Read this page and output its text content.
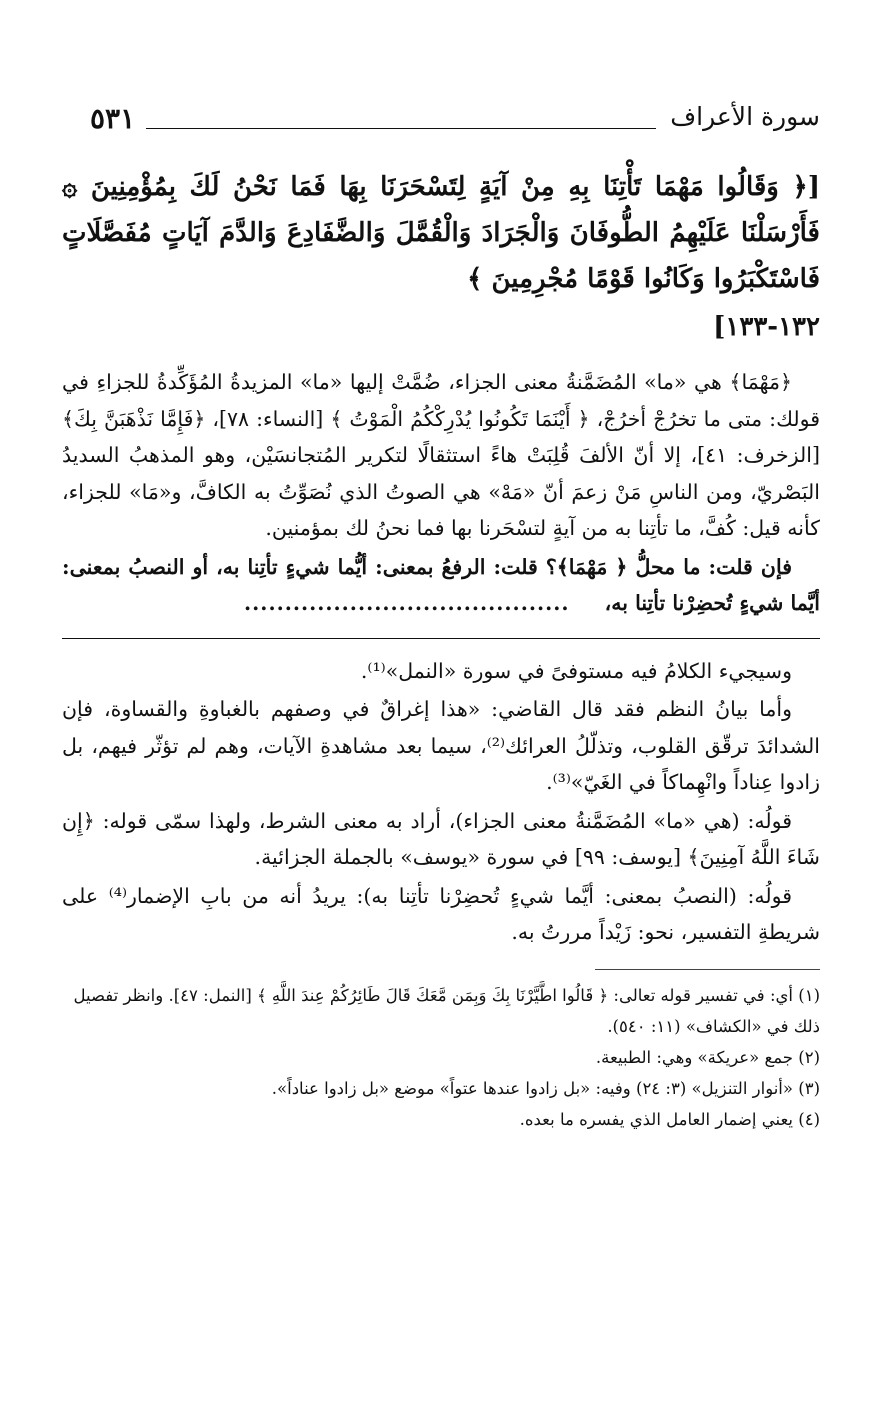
٥٣١	سورة الأعراف
[﴿ وَقَالُوا مَهْمَا تَأْتِنَا بِهِ مِنْ آيَةٍ لِتَسْحَرَنَا بِهَا فَمَا نَحْنُ لَكَ بِمُؤْمِنِينَ ۞ فَأَرْسَلْنَا عَلَيْهِمُ الطُّوفَانَ وَالْجَرَادَ وَالْقُمَّلَ وَالضَّفَادِعَ وَالدَّمَ آيَاتٍ مُفَصَّلَاتٍ فَاسْتَكْبَرُوا وَكَانُوا قَوْمًا مُجْرِمِينَ ﴾
١٣٢-١٣٣]

﴿مَهْمَا﴾ هي «ما» المُضَمَّنةُ معنى الجزاء، ضُمَّتْ إليها «ما» المزيدةُ المُؤَكِّدةُ للجزاءِ في قولك: متى ما تخرُجْ أخرُجْ، ﴿ أَيْنَمَا تَكُونُوا يُدْرِكْكُمُ الْمَوْتُ ﴾ [النساء: ٧٨]، ﴿فَإِمَّا نَذْهَبَنَّ بِكَ﴾ [الزخرف: ٤١]، إلا أنّ الألفَ قُلِبَتْ هاءً استثقالًا لتكرير المُتجانسَيْن، وهو المذهبُ السديدُ البَصْريّ، ومن الناسِ مَنْ زعمَ أنّ «مَهْ» هي الصوتُ الذي نُصَوِّتُ به الكافَّ، و«مَا» للجزاء، كأنه قيل: كُفَّ، ما تأتِنا به من آيةٍ لتسْحَرنا بها فما نحنُ لك بمؤمنين.

فإن قلت: ما محلُّ ﴿ مَهْمَا﴾؟ قلت: الرفعُ بمعنى: أيُّما شيءٍ تأتِنا به، أو النصبُ بمعنى: أيَّما شيءٍ تُحضِرْنا تأتِنا به، ........................................

وسيجيء الكلامُ فيه مستوفىً في سورة «النمل»⁽¹⁾.

وأما بيانُ النظم فقد قال القاضي: «هذا إغراقٌ في وصفهم بالغباوةِ والقساوة، فإن الشدائدَ ترقّق القلوب، وتذلّلُ العرائك⁽²⁾، سيما بعد مشاهدةِ الآيات، وهم لم تؤثّر فيهم، بل زادوا عِناداً وانْهِماكاً في الغَيّ»⁽³⁾.

قولُه: (هي «ما» المُضَمَّنةُ معنى الجزاء)، أراد به معنى الشرط، ولهذا سمّى قوله: ﴿إِن شَاءَ اللَّهُ آمِنِينَ﴾ [يوسف: ٩٩] في سورة «يوسف» بالجملة الجزائية.

قولُه: (النصبُ بمعنى: أيَّما شيءٍ تُحضِرْنا تأتِنا به): يريدُ أنه من بابِ الإضمار⁽⁴⁾ على شريطةِ التفسير، نحو: زَيْداً مررتُ به.

(١) أي: في تفسير قوله تعالى: ﴿ قَالُوا اطَّيَّرْنَا بِكَ وَبِمَن مَّعَكَ قَالَ طَائِرُكُمْ عِندَ اللَّهِ ﴾ [النمل: ٤٧]. وانظر تفصيل ذلك في «الكشاف» (١١: ٥٤٠).

(٢) جمع «عريكة» وهي: الطبيعة.

(٣) «أنوار التنزيل» (٣: ٢٤) وفيه: «بل زادوا عندها عتواً» موضع «بل زادوا عناداً».

(٤) يعني إضمار العامل الذي يفسره ما بعده.
